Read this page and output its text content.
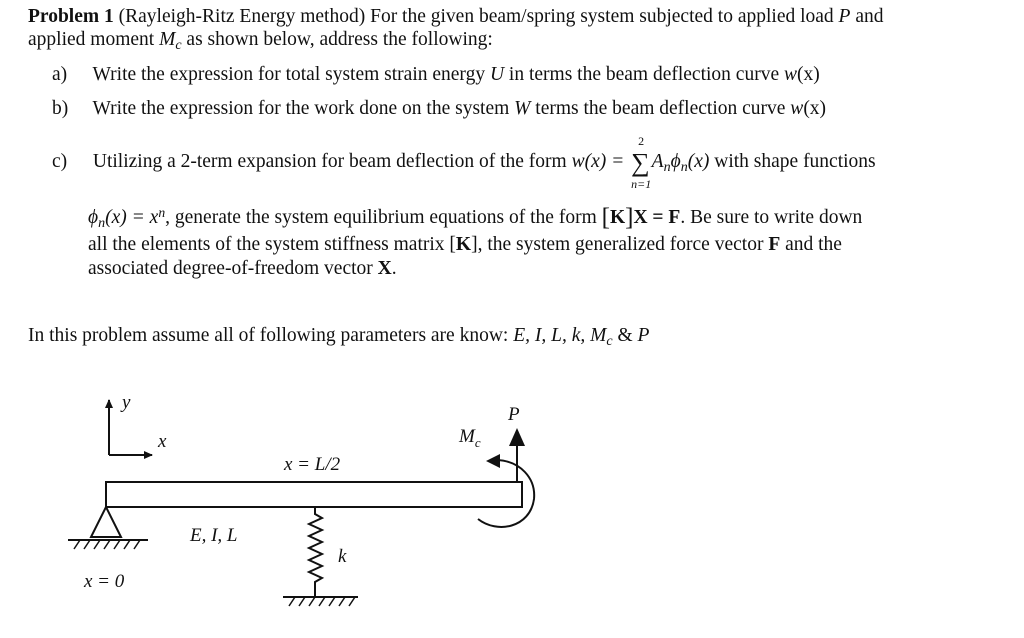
Problem 1 (Rayleigh-Ritz Energy method) For the given beam/spring system subjected to applied load P and
applied moment $M_c$ as shown below, address the following:
a) Write the expression for total system strain energy U in terms the beam deflection curve w(x)
b) Write the expression for the work done on the system W terms the beam deflection curve w(x)
c) Utilizing a 2-term expansion for beam deflection of the form w(x) = ∑
2
n=1
$A_n\phi_n(x)$ with shape functions
$\phi_n(x) = x^n$, generate the system equilibrium equations of the form [K]X = F. Be sure to write down
all the elements of the system stiffness matrix [K], the system generalized force vector F and the
associated degree-of-freedom vector X.
In this problem assume all of following parameters are know: E, I, L, k, $M_c$ & P
y
x
x = L/2
$M_c$
P
E, I, L
k
x = 0
